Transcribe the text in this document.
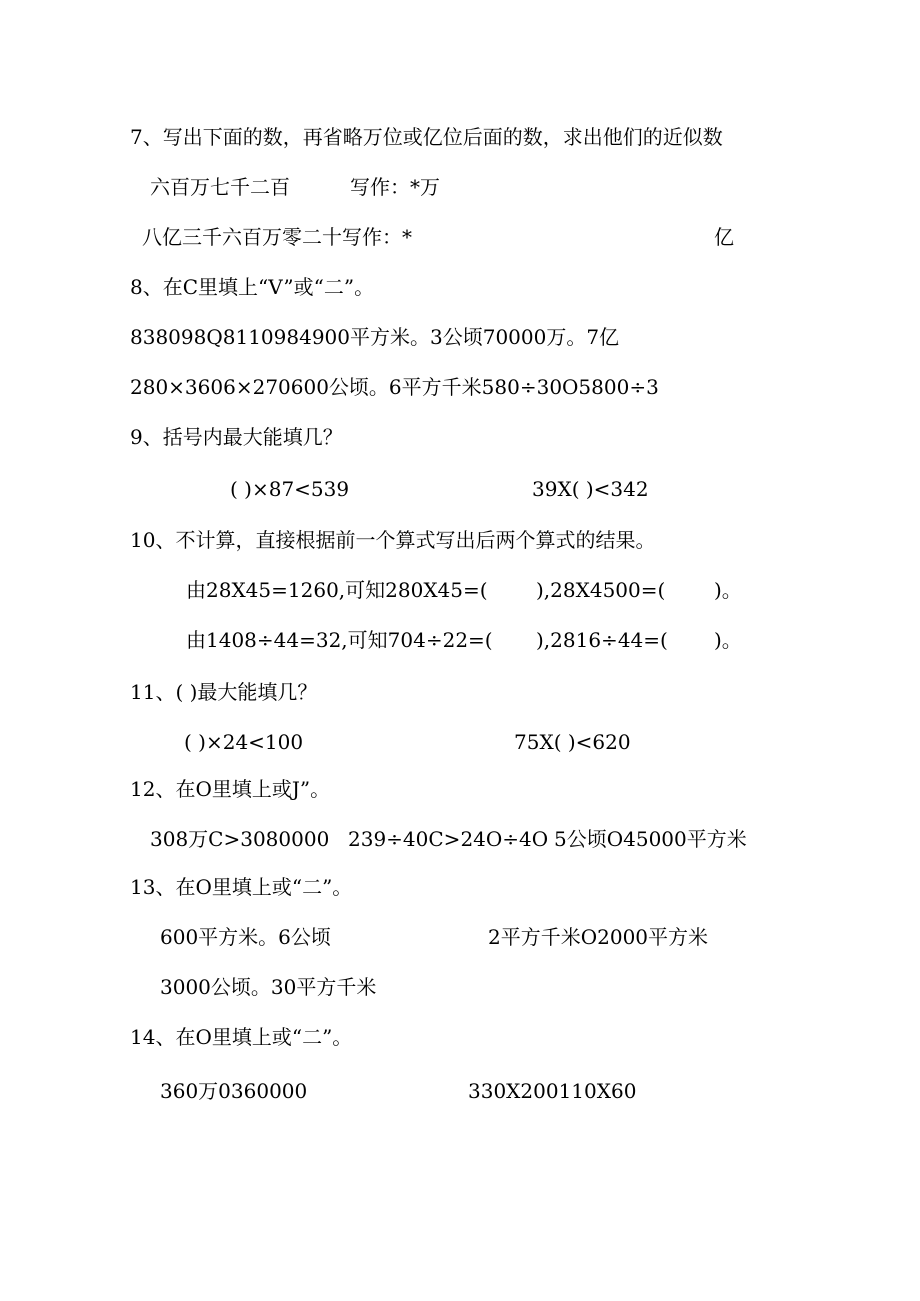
7、写出下面的数，再省略万位或亿位后面的数，求出他们的近似数
六百万七千二百	写作：*万
八亿三千六百万零二十写作：*	亿
8、在C里填上“V”或“二”。
838098Q8110984900平方米。3公顷70000万。7亿
280×3606×270600公顷。6平方千米580÷30O5800÷3
9、括号内最大能填几？
( )×87<539	39X( )<342
10、不计算，直接根据前一个算式写出后两个算式的结果。
由28X45=1260,可知280X45=( ),28X4500=( )。
由1408÷44=32,可知704÷22=( ),2816÷44=( )。
11、( )最大能填几？
( )×24<100	75X( )<620
12、在O里填上或J”。
308万C>3080000 239÷40C>24O÷4O 5公顷O45000平方米
13、在O里填上或“二”。
600平方米。6公顷	2平方千米O2000平方米
3000公顷。30平方千米
14、在O里填上或“二”。
360万0360000	330X200110X60
